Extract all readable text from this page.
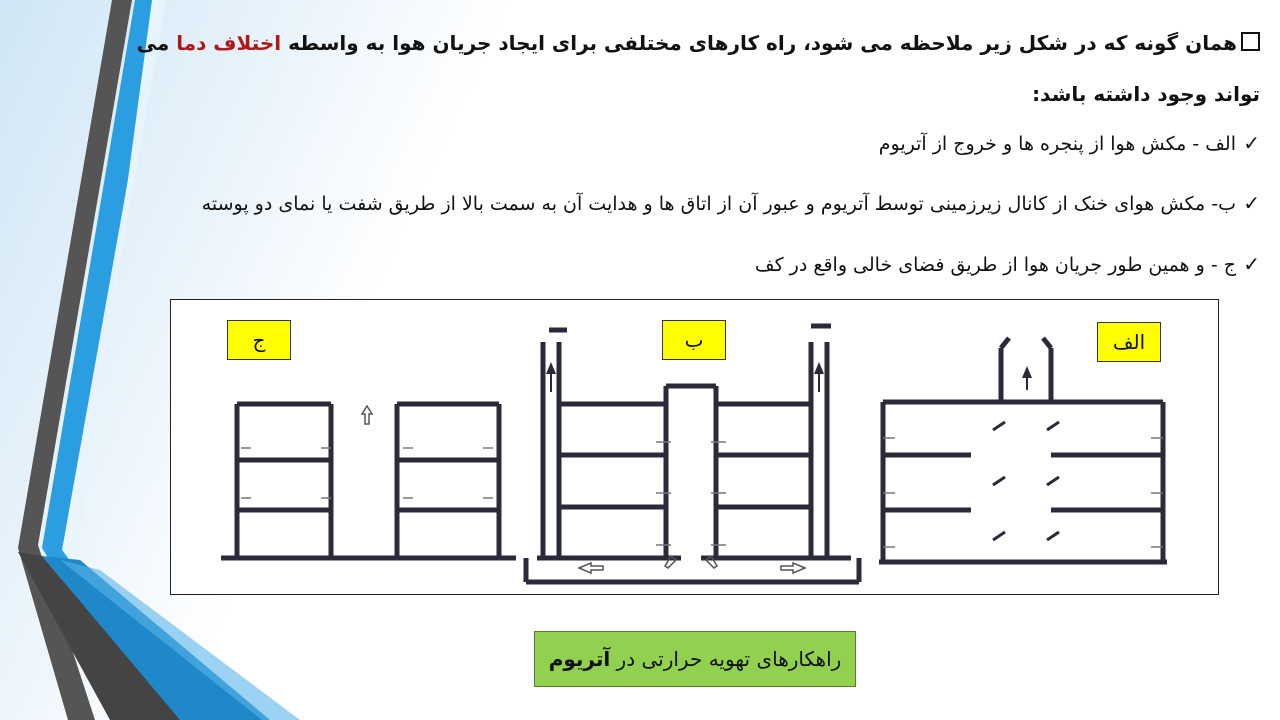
همان گونه که در شکل زیر ملاحظه می شود، راه کارهای مختلفی برای ایجاد جریان هوا به واسطه اختلاف دما می تواند وجود داشته باشد:
✓الف - مکش هوا از پنجره ها و خروج از آتریوم
✓ب- مکش هوای خنک از کانال زیرزمینی توسط آتریوم و عبور آن از اتاق ها و هدایت آن به سمت بالا از طریق شفت یا نمای دو پوسته
✓ج - و همین طور جریان هوا از طریق فضای خالی واقع در کف
الف
ب
ج
راهکارهای تهویه حرارتی در آتریوم
